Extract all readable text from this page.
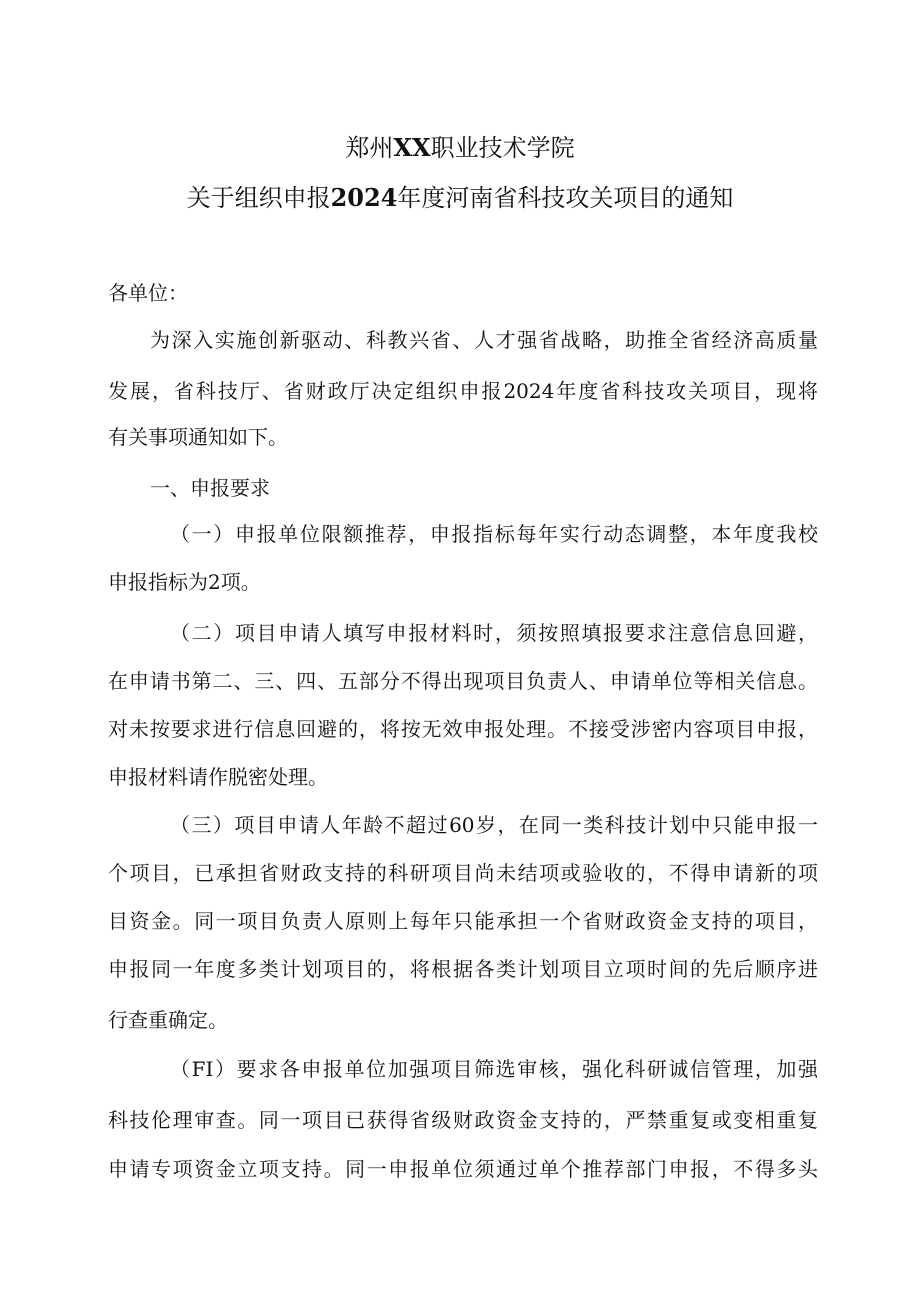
郑州XX职业技术学院
关于组织申报2024年度河南省科技攻关项目的通知
各单位：
为深入实施创新驱动、科教兴省、人才强省战略，助推全省经济高质量
发展，省科技厅、省财政厅决定组织申报2024年度省科技攻关项目，现将
有关事项通知如下。
一、申报要求
（一）申报单位限额推荐，申报指标每年实行动态调整，本年度我校
申报指标为2项。
（二）项目申请人填写申报材料时，须按照填报要求注意信息回避，
在申请书第二、三、四、五部分不得出现项目负责人、申请单位等相关信息。
对未按要求进行信息回避的，将按无效申报处理。不接受涉密内容项目申报，
申报材料请作脱密处理。
（三）项目申请人年龄不超过60岁，在同一类科技计划中只能申报一
个项目，已承担省财政支持的科研项目尚未结项或验收的，不得申请新的项
目资金。同一项目负责人原则上每年只能承担一个省财政资金支持的项目，
申报同一年度多类计划项目的，将根据各类计划项目立项时间的先后顺序进
行查重确定。
（FI）要求各申报单位加强项目筛选审核，强化科研诚信管理，加强
科技伦理审查。同一项目已获得省级财政资金支持的，严禁重复或变相重复
申请专项资金立项支持。同一申报单位须通过单个推荐部门申报，不得多头
